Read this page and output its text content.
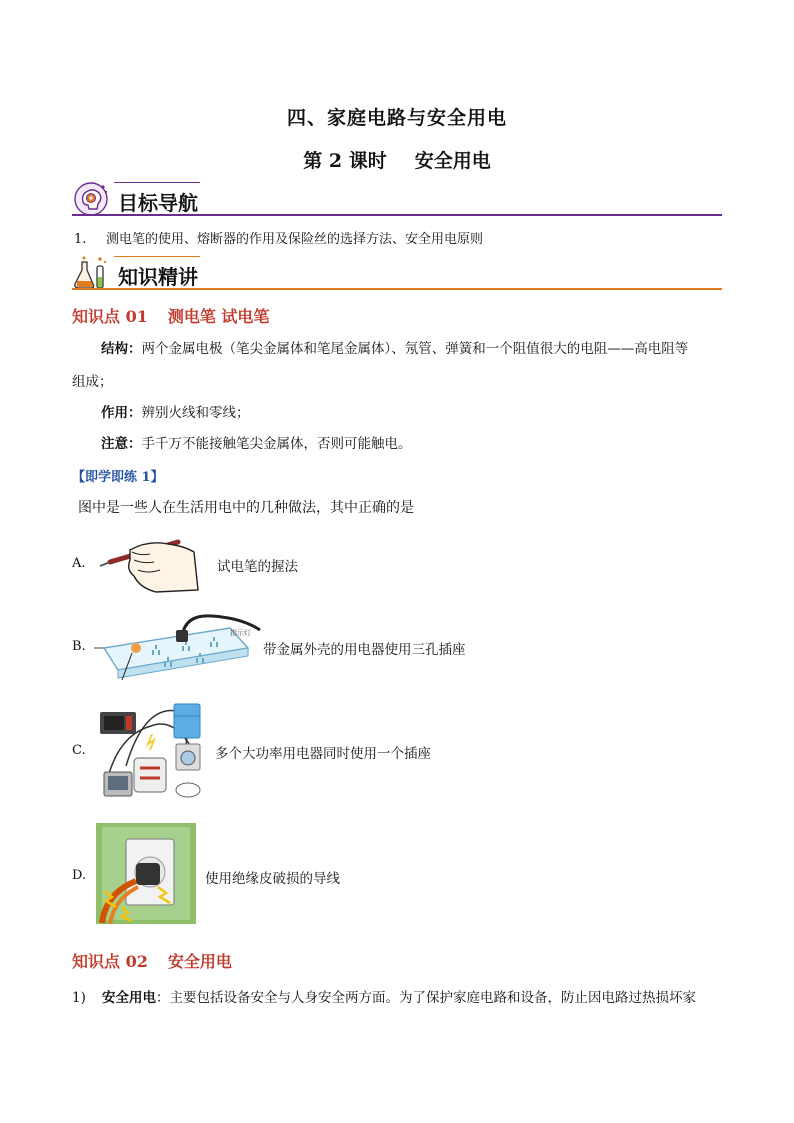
四、家庭电路与安全用电
第 2 课时 安全用电
目标导航
1. 测电笔的使用、熔断器的作用及保险丝的选择方法、安全用电原则
知识精讲
知识点 01 测电笔 试电笔
结构：两个金属电极（笔尖金属体和笔尾金属体）、氖管、弹簧和一个阻值很大的电阻——高电阻等
组成；
作用：辨别火线和零线；
注意：手千万不能接触笔尖金属体，否则可能触电。
【即学即练 1】
图中是一些人在生活用电中的几种做法，其中正确的是
A.	试电笔的握法
B.
指示灯
带金属外壳的用电器使用三孔插座
C.	多个大功率用电器同时使用一个插座
D.	使用绝缘皮破损的导线
知识点 02 安全用电
1) 安全用电：主要包括设备安全与人身安全两方面。为了保护家庭电路和设备，防止因电路过热损坏家
